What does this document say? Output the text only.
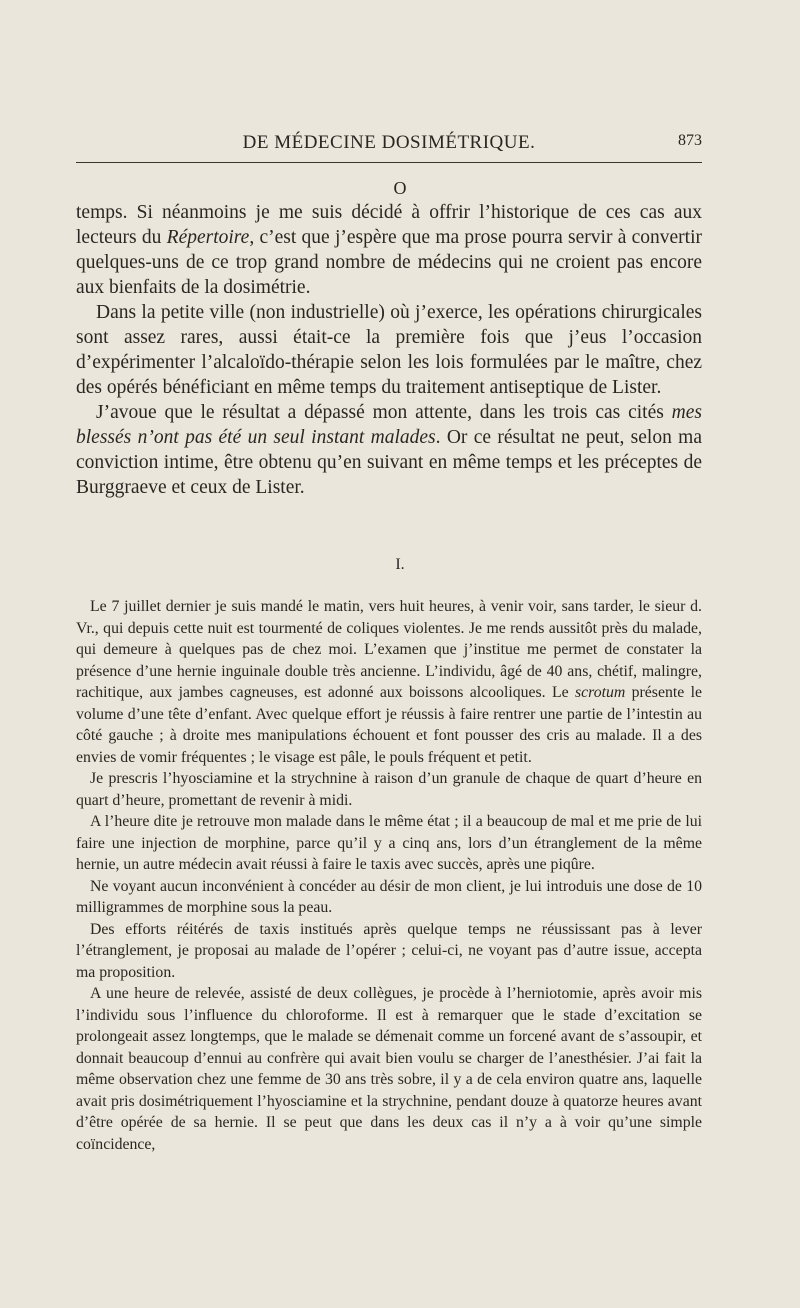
DE MÉDECINE DOSIMÉTRIQUE.	873
O

temps. Si néanmoins je me suis décidé à offrir l’historique de ces cas aux lecteurs du Répertoire, c’est que j’espère que ma prose pourra servir à convertir quelques-uns de ce trop grand nombre de médecins qui ne croient pas encore aux bienfaits de la dosimétrie.

Dans la petite ville (non industrielle) où j’exerce, les opérations chirurgicales sont assez rares, aussi était-ce la première fois que j’eus l’occasion d’expérimenter l’alcaloïdo-thérapie selon les lois formulées par le maître, chez des opérés bénéficiant en même temps du traitement antiseptique de Lister.

J’avoue que le résultat a dépassé mon attente, dans les trois cas cités mes blessés n’ont pas été un seul instant malades. Or ce résultat ne peut, selon ma conviction intime, être obtenu qu’en suivant en même temps et les préceptes de Burggraeve et ceux de Lister.

I.

Le 7 juillet dernier je suis mandé le matin, vers huit heures, à venir voir, sans tarder, le sieur d. Vr., qui depuis cette nuit est tourmenté de coliques violentes. Je me rends aussitôt près du malade, qui demeure à quelques pas de chez moi. L’examen que j’institue me permet de constater la présence d’une hernie inguinale double très ancienne. L’individu, âgé de 40 ans, chétif, malingre, rachitique, aux jambes cagneuses, est adonné aux boissons alcooliques. Le scrotum présente le volume d’une tête d’enfant. Avec quelque effort je réussis à faire rentrer une partie de l’intestin au côté gauche ; à droite mes manipulations échouent et font pousser des cris au malade. Il a des envies de vomir fréquentes ; le visage est pâle, le pouls fréquent et petit.

Je prescris l’hyosciamine et la strychnine à raison d’un granule de chaque de quart d’heure en quart d’heure, promettant de revenir à midi.

A l’heure dite je retrouve mon malade dans le même état ; il a beaucoup de mal et me prie de lui faire une injection de morphine, parce qu’il y a cinq ans, lors d’un étranglement de la même hernie, un autre médecin avait réussi à faire le taxis avec succès, après une piqûre.

Ne voyant aucun inconvénient à concéder au désir de mon client, je lui introduis une dose de 10 milligrammes de morphine sous la peau.

Des efforts réitérés de taxis institués après quelque temps ne réussissant pas à lever l’étranglement, je proposai au malade de l’opérer ; celui-ci, ne voyant pas d’autre issue, accepta ma proposition.

A une heure de relevée, assisté de deux collègues, je procède à l’herniotomie, après avoir mis l’individu sous l’influence du chloroforme. Il est à remarquer que le stade d’excitation se prolongeait assez longtemps, que le malade se démenait comme un forcené avant de s’assoupir, et donnait beaucoup d’ennui au confrère qui avait bien voulu se charger de l’anesthésier. J’ai fait la même observation chez une femme de 30 ans très sobre, il y a de cela environ quatre ans, laquelle avait pris dosimétriquement l’hyosciamine et la strychnine, pendant douze à quatorze heures avant d’être opérée de sa hernie. Il se peut que dans les deux cas il n’y a à voir qu’une simple coïncidence,
